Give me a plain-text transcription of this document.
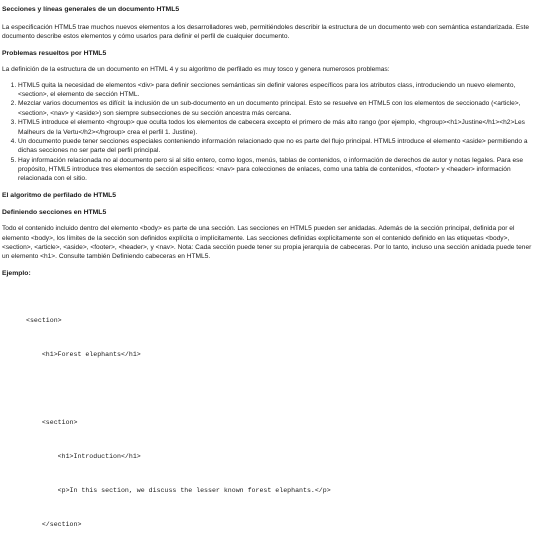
Secciones y líneas generales de un documento HTML5

La especificación HTML5 trae muchos nuevos elementos a los desarrolladores web, permitiéndoles describir la estructura de un documento web con semántica estandarizada. Este documento describe estos elementos y cómo usarlos para definir el perfil de cualquier documento.

Problemas resueltos por HTML5

La definición de la estructura de un documento en HTML 4 y su algoritmo de perfilado es muy tosco y genera numerosos problemas:

1. HTML5 quita la necesidad de elementos <div> para definir secciones semánticas sin definir valores específicos para los atributos class, introduciendo un nuevo elemento, <section>, el elemento de sección HTML.
2. Mezclar varios documentos es difícil: la inclusión de un sub-documento en un documento principal. Esto se resuelve en HTML5 con los elementos de seccionado (<article>, <section>, <nav> y <aside>) son siempre subsecciones de su sección ancestra más cercana.
3. HTML5 introduce el elemento <hgroup> que oculta todos los elementos de cabecera excepto el primero de más alto rango (por ejemplo, <hgroup><h1>Justine</h1><h2>Les Malheurs de la Vertu</h2></hgroup> crea el perfil 1. Justine).
4. Un documento puede tener secciones especiales conteniendo información relacionado que no es parte del flujo principal. HTML5 introduce el elemento <aside> permitiendo a dichas secciones no ser parte del perfil principal.
5. Hay información relacionada no al documento pero si al sitio entero, como logos, menús, tablas de contenidos, o información de derechos de autor y notas legales. Para ese propósito, HTML5 introduce tres elementos de sección específicos: <nav> para colecciones de enlaces, como una tabla de contenidos, <footer> y <header> información relacionada con el sitio.
El algoritmo de perfilado de HTML5
Definiendo secciones en HTML5

Todo el contenido incluido dentro del elemento <body> es parte de una sección. Las secciones en HTML5 pueden ser anidadas. Además de la sección principal, definida por el elemento <body>, los límites de la sección son definidos explícita o implícitamente. Las secciones definidas explícitamente son el contenido definido en las etiquetas <body>, <section>, <article>, <aside>, <footer>, <header>, y <nav>. Nota: Cada sección puede tener su propia jerarquía de cabeceras. Por lo tanto, incluso una sección anidada puede tener un elemento <h1>. Consulte también Definiendo cabeceras en HTML5.

Ejemplo:

<section>

<h1>Forest elephants</h1>

<section>

<h1>Introduction</h1>

<p>In this section, we discuss the lesser known forest elephants.</p>

</section>
